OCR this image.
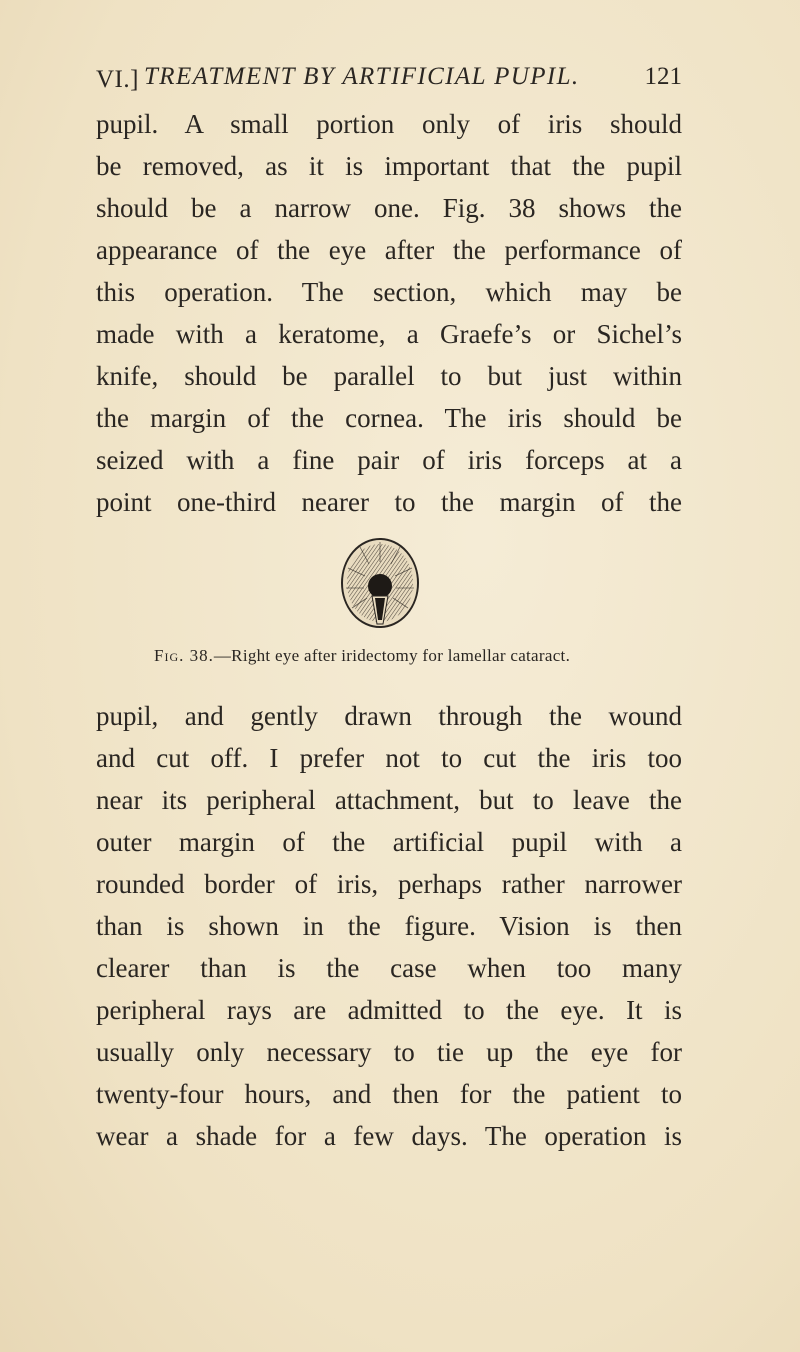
VI.] TREATMENT BY ARTIFICIAL PUPIL.	121
pupil. A small portion only of iris should
be removed, as it is important that the pupil
should be a narrow one. Fig. 38 shows the
appearance of the eye after the performance of
this operation. The section, which may be
made with a keratome, a Graefe’s or Sichel’s
knife, should be parallel to but just within
the margin of the cornea. The iris should be
seized with a fine pair of iris forceps at a
point one-third nearer to the margin of the
Fig. 38.—Right eye after iridectomy for lamellar cataract.
pupil, and gently drawn through the wound
and cut off. I prefer not to cut the iris too
near its peripheral attachment, but to leave the
outer margin of the artificial pupil with a
rounded border of iris, perhaps rather narrower
than is shown in the figure. Vision is then
clearer than is the case when too many
peripheral rays are admitted to the eye. It is
usually only necessary to tie up the eye for
twenty-four hours, and then for the patient to
wear a shade for a few days. The operation is
